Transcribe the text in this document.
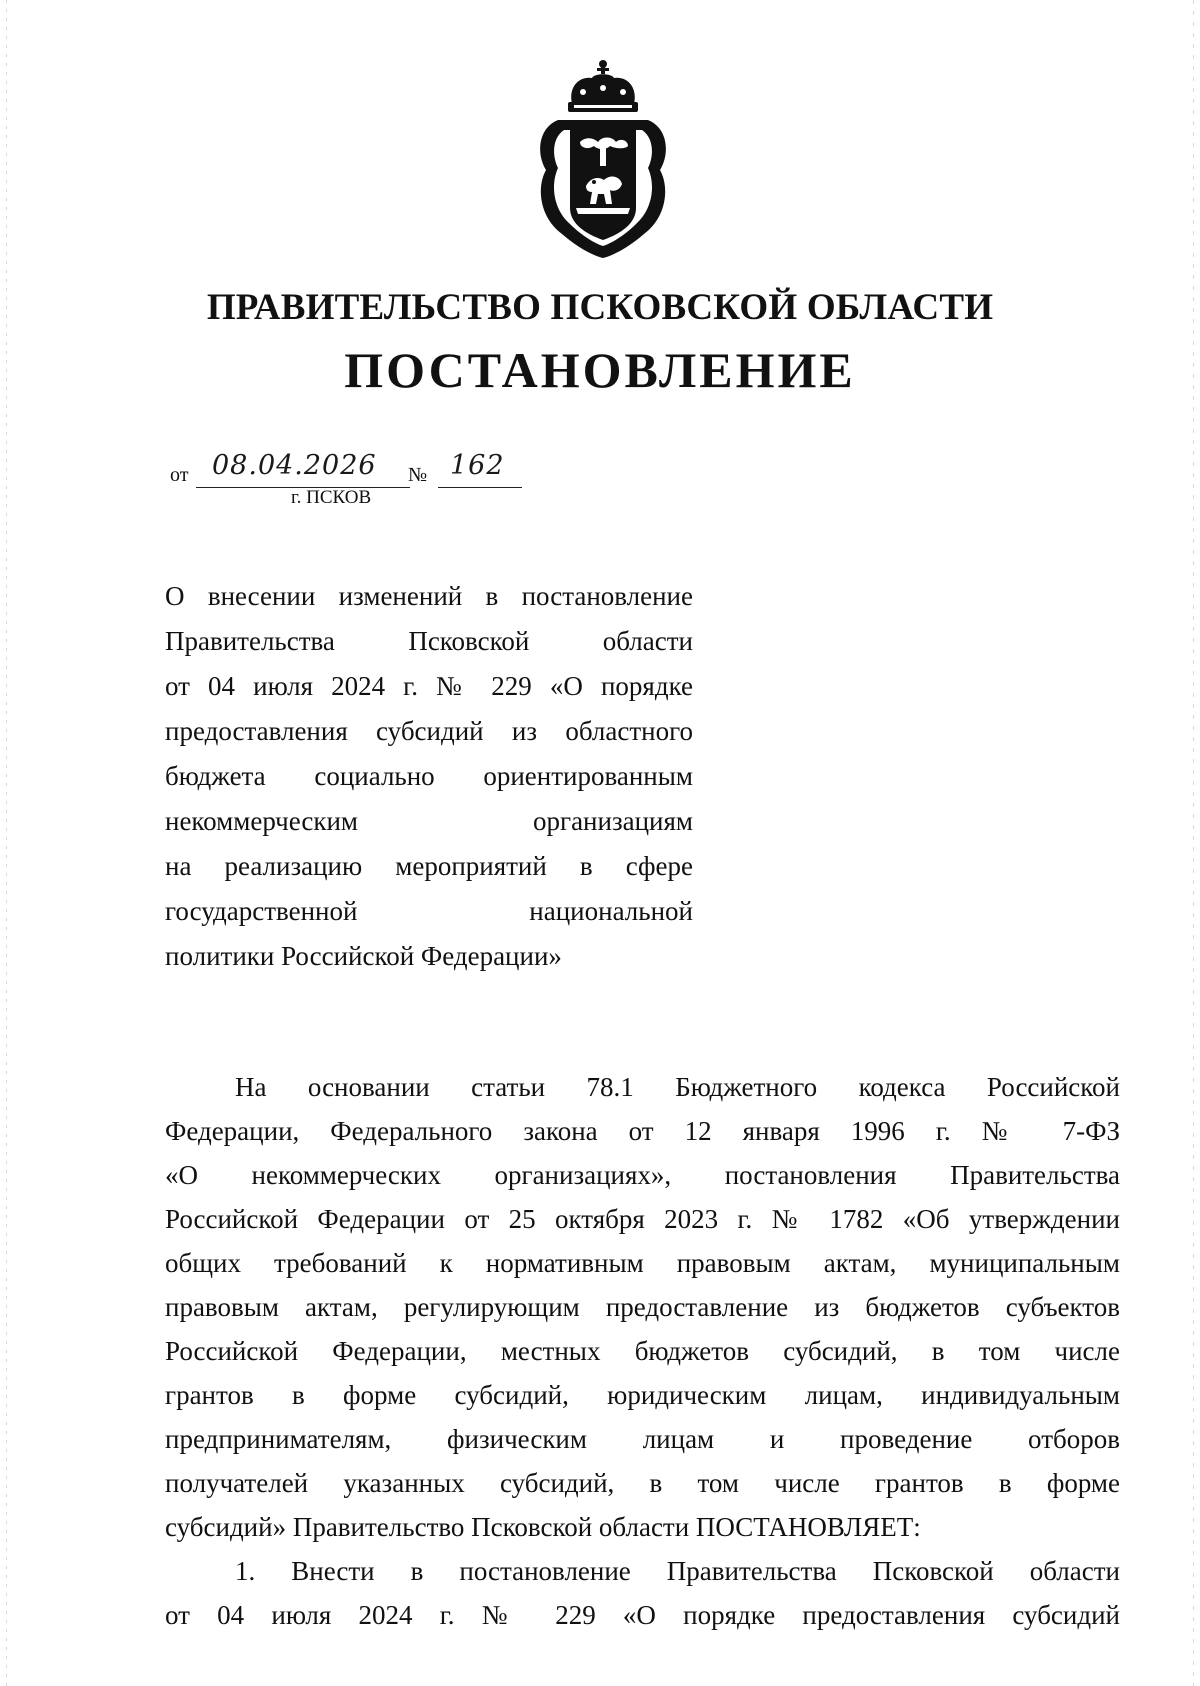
ПРАВИТЕЛЬСТВО ПСКОВСКОЙ ОБЛАСТИ
ПОСТАНОВЛЕНИЕ
от 08.04.2026 № 162
г. ПСКОВ
О внесении изменений в постановление
Правительства Псковской области
от 04 июля 2024 г. № 229 «О порядке
предоставления субсидий из областного
бюджета социально ориентированным
некоммерческим организациям
на реализацию мероприятий в сфере
государственной национальной
политики Российской Федерации»
На основании статьи 78.1 Бюджетного кодекса Российской
Федерации, Федерального закона от 12 января 1996 г. № 7-ФЗ
«О некоммерческих организациях», постановления Правительства
Российской Федерации от 25 октября 2023 г. № 1782 «Об утверждении
общих требований к нормативным правовым актам, муниципальным
правовым актам, регулирующим предоставление из бюджетов субъектов
Российской Федерации, местных бюджетов субсидий, в том числе
грантов в форме субсидий, юридическим лицам, индивидуальным
предпринимателям, физическим лицам и проведение отборов
получателей указанных субсидий, в том числе грантов в форме
субсидий» Правительство Псковской области ПОСТАНОВЛЯЕТ:
1. Внести в постановление Правительства Псковской области
от 04 июля 2024 г. № 229 «О порядке предоставления субсидий
